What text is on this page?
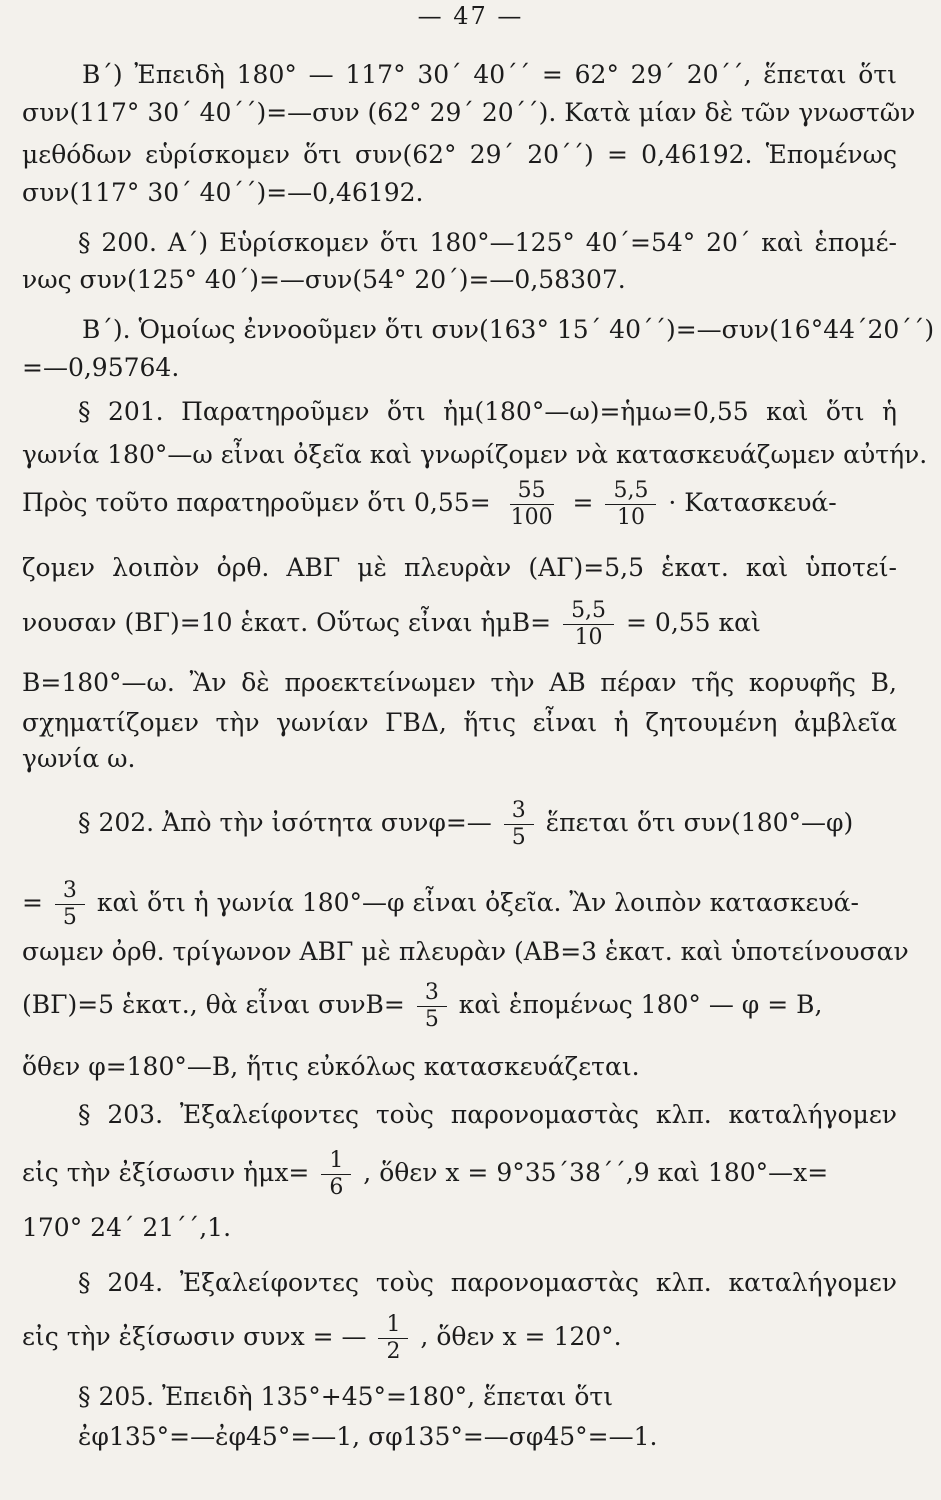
— 47 —
Β΄) Ἐπειδὴ 180° — 117° 30΄ 40΄΄ = 62° 29΄ 20΄΄, ἕπεται ὅτι
συν(117° 30΄ 40΄΄)=—συν (62° 29΄ 20΄΄). Κατὰ μίαν δὲ τῶν γνωστῶν
μεθόδων εὑρίσκομεν ὅτι συν(62° 29΄ 20΄΄) = 0,46192. Ἑπομένως
συν(117° 30΄ 40΄΄)=—0,46192.
§ 200. Α΄) Εὑρίσκομεν ὅτι 180°—125° 40΄=54° 20΄ καὶ ἑπομέ-
νως συν(125° 40΄)=—συν(54° 20΄)=—0,58307.
Β΄). Ὁμοίως ἐννοοῦμεν ὅτι συν(163° 15΄ 40΄΄)=—συν(16°44΄20΄΄)
=—0,95764.
§ 201. Παρατηροῦμεν ὅτι ἡμ(180°—ω)=ἡμω=0,55 καὶ ὅτι ἡ
γωνία 180°—ω εἶναι ὀξεῖα καὶ γνωρίζομεν νὰ κατασκευάζωμεν αὐτήν.
Πρὸς τοῦτο παρατηροῦμεν ὅτι $0,55= \frac{55}{100} = \frac{5,5}{10} \cdot K\alpha\tau\alpha\sigma\kappa\varepsilon\upsilon ά-$
ζομεν λοιπὸν ὀρθ. ΑΒΓ μὲ πλευρὰν (ΑΓ)=5,5 ἑκατ. καὶ ὑποτεί-
νουσαν (ΒΓ)=10 ἑκατ. Οὕτως εἶναι ἡμΒ= $\frac{5,5}{10} = 0,55$ καὶ
Β=180°—ω. Ἂν δὲ προεκτείνωμεν τὴν ΑΒ πέραν τῆς κορυφῆς Β,
σχηματίζομεν τὴν γωνίαν ΓΒΔ, ἥτις εἶναι ἡ ζητουμένη ἀμβλεῖα
γωνία ω.
§ 202. Ἀπὸ τὴν ἰσότητα συνφ=— $\frac{3}{5}$ ἕπεται ὅτι συν(180°—φ)
= $\frac{3}{5}$ καὶ ὅτι ἡ γωνία 180°—φ εἶναι ὀξεῖα. Ἂν λοιπὸν κατασκευά-
σωμεν ὀρθ. τρίγωνον ΑΒΓ μὲ πλευρὰν (ΑΒ=3 ἑκατ. καὶ ὑποτείνουσαν
(ΒΓ)=5 ἑκατ., θὰ εἶναι $\sigma\upsilon\nu B= \frac{3}{5}$ καὶ ἑπομένως 180° — φ = Β,
ὅθεν φ=180°—Β, ἥτις εὐκόλως κατασκευάζεται.
§ 203. Ἐξαλείφοντες τοὺς παρονομαστὰς κλπ. καταλήγομεν
εἰς τὴν ἐξίσωσιν ἡμx= $\frac{1}{6}$ , ὅθεν x = 9°35΄38΄΄,9 καὶ 180°—x=
170° 24΄ 21΄΄,1.
§ 204. Ἐξαλείφοντες τοὺς παρονομαστὰς κλπ. καταλήγομεν
εἰς τὴν ἐξίσωσιν συνx = — $\frac{1}{2}$ , ὅθεν x = 120°.
§ 205. Ἐπειδὴ 135°+45°=180°, ἕπεται ὅτι
ἐφ135°=—ἐφ45°=—1, σφ135°=—σφ45°=—1.
